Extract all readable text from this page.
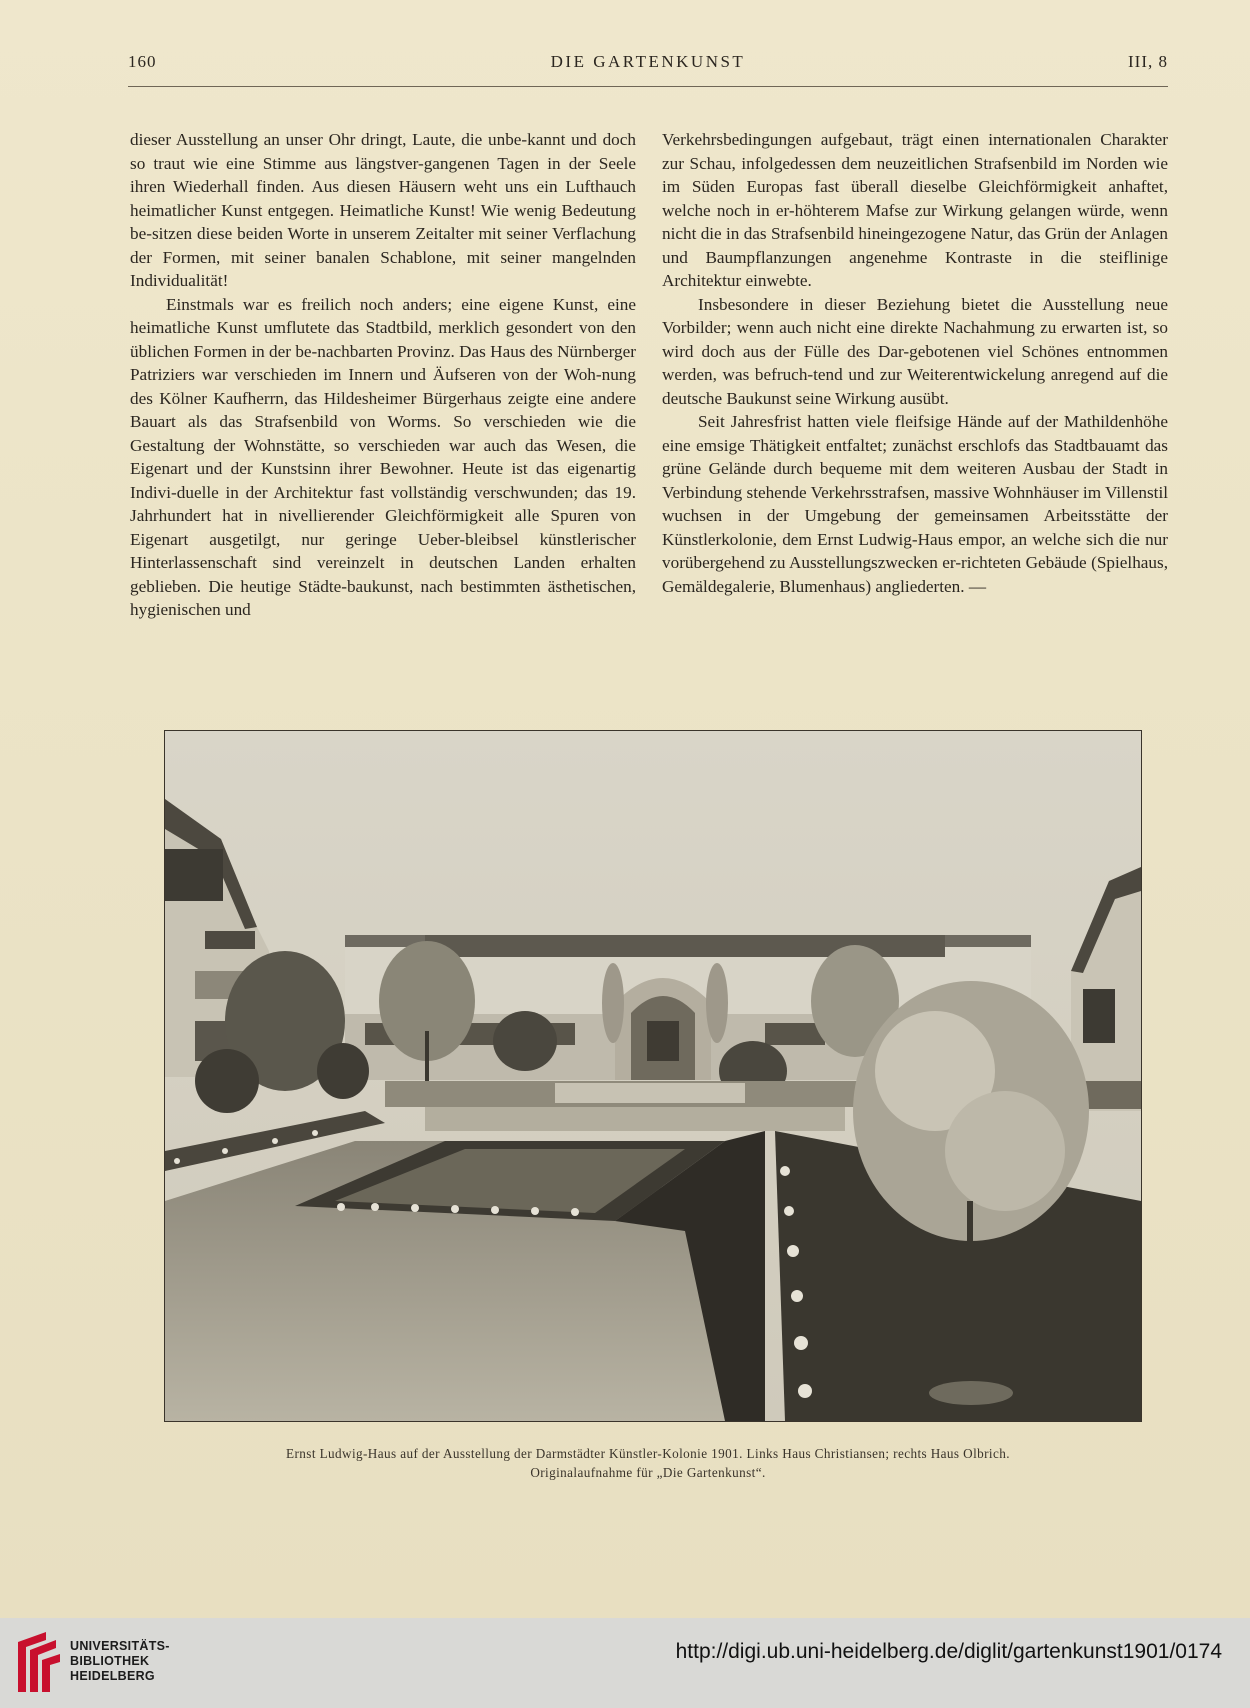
160	DIE GARTENKUNST	III, 8

dieser Ausstellung an unser Ohr dringt, Laute, die unbe-kannt und doch so traut wie eine Stimme aus längstver-gangenen Tagen in der Seele ihren Wiederhall finden. Aus diesen Häusern weht uns ein Lufthauch heimatlicher Kunst entgegen. Heimatliche Kunst! Wie wenig Bedeutung be-sitzen diese beiden Worte in unserem Zeitalter mit seiner Verflachung der Formen, mit seiner banalen Schablone, mit seiner mangelnden Individualität!

Einstmals war es freilich noch anders; eine eigene Kunst, eine heimatliche Kunst umflutete das Stadtbild, merklich gesondert von den üblichen Formen in der be-nachbarten Provinz. Das Haus des Nürnberger Patriziers war verschieden im Innern und Äufseren von der Woh-nung des Kölner Kaufherrn, das Hildesheimer Bürgerhaus zeigte eine andere Bauart als das Strafsenbild von Worms. So verschieden wie die Gestaltung der Wohnstätte, so verschieden war auch das Wesen, die Eigenart und der Kunstsinn ihrer Bewohner. Heute ist das eigenartig Indivi-duelle in der Architektur fast vollständig verschwunden; das 19. Jahrhundert hat in nivellierender Gleichförmigkeit alle Spuren von Eigenart ausgetilgt, nur geringe Ueber-bleibsel künstlerischer Hinterlassenschaft sind vereinzelt in deutschen Landen erhalten geblieben. Die heutige Städte-baukunst, nach bestimmten ästhetischen, hygienischen und

Verkehrsbedingungen aufgebaut, trägt einen internationalen Charakter zur Schau, infolgedessen dem neuzeitlichen Strafsenbild im Norden wie im Süden Europas fast überall dieselbe Gleichförmigkeit anhaftet, welche noch in er-höhterem Mafse zur Wirkung gelangen würde, wenn nicht die in das Strafsenbild hineingezogene Natur, das Grün der Anlagen und Baumpflanzungen angenehme Kontraste in die steiflinige Architektur einwebte.

Insbesondere in dieser Beziehung bietet die Ausstellung neue Vorbilder; wenn auch nicht eine direkte Nachahmung zu erwarten ist, so wird doch aus der Fülle des Dar-gebotenen viel Schönes entnommen werden, was befruch-tend und zur Weiterentwickelung anregend auf die deutsche Baukunst seine Wirkung ausübt.

Seit Jahresfrist hatten viele fleifsige Hände auf der Mathildenhöhe eine emsige Thätigkeit entfaltet; zunächst erschlofs das Stadtbauamt das grüne Gelände durch bequeme mit dem weiteren Ausbau der Stadt in Verbindung stehende Verkehrsstrafsen, massive Wohnhäuser im Villenstil wuchsen in der Umgebung der gemeinsamen Arbeitsstätte der Künstlerkolonie, dem Ernst Ludwig-Haus empor, an welche sich die nur vorübergehend zu Ausstellungszwecken er-richteten Gebäude (Spielhaus, Gemäldegalerie, Blumenhaus) angliederten. —

Ernst Ludwig-Haus auf der Ausstellung der Darmstädter Künstler-Kolonie 1901. Links Haus Christiansen; rechts Haus Olbrich.
Originalaufnahme für „Die Gartenkunst“.
UNIVERSITÄTS-
BIBLIOTHEK
HEIDELBERG
http://digi.ub.uni-heidelberg.de/diglit/gartenkunst1901/0174
